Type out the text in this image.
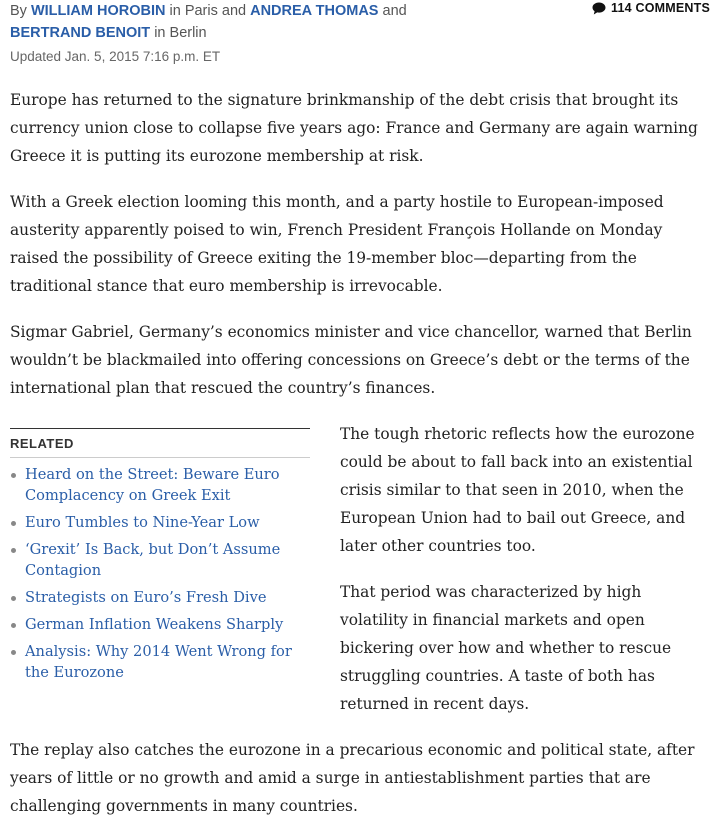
By WILLIAM HOROBIN in Paris and ANDREA THOMAS and BERTRAND BENOIT in Berlin
Updated Jan. 5, 2015 7:16 p.m. ET
114 COMMENTS

Europe has returned to the signature brinkmanship of the debt crisis that brought its currency union close to collapse five years ago: France and Germany are again warning Greece it is putting its eurozone membership at risk.

With a Greek election looming this month, and a party hostile to European-imposed austerity apparently poised to win, French President François Hollande on Monday raised the possibility of Greece exiting the 19-member bloc—departing from the traditional stance that euro membership is irrevocable.

Sigmar Gabriel, Germany’s economics minister and vice chancellor, warned that Berlin wouldn’t be blackmailed into offering concessions on Greece’s debt or the terms of the international plan that rescued the country’s finances.

RELATED
Heard on the Street: Beware Euro Complacency on Greek Exit
Euro Tumbles to Nine-Year Low
‘Grexit’ Is Back, but Don’t Assume Contagion
Strategists on Euro’s Fresh Dive
German Inflation Weakens Sharply
Analysis: Why 2014 Went Wrong for the Eurozone

The tough rhetoric reflects how the eurozone could be about to fall back into an existential crisis similar to that seen in 2010, when the European Union had to bail out Greece, and later other countries too.

That period was characterized by high volatility in financial markets and open bickering over how and whether to rescue struggling countries. A taste of both has returned in recent days.

The replay also catches the eurozone in a precarious economic and political state, after years of little or no growth and amid a surge in antiestablishment parties that are challenging governments in many countries.
